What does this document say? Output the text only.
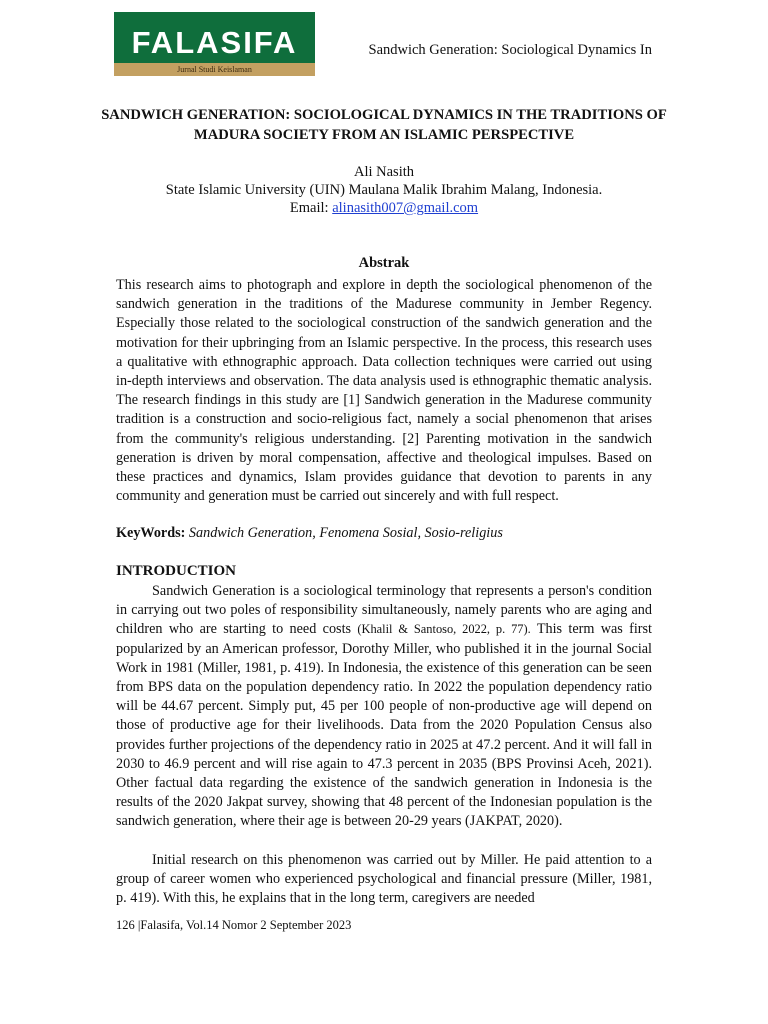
FALASIFA
Jurnal Studi Keislaman
Sandwich Generation: Sociological Dynamics In
SANDWICH GENERATION: SOCIOLOGICAL DYNAMICS IN THE TRADITIONS OF MADURA SOCIETY FROM AN ISLAMIC PERSPECTIVE
Ali Nasith
State Islamic University (UIN) Maulana Malik Ibrahim Malang, Indonesia.
Email: alinasith007@gmail.com
Abstrak

This research aims to photograph and explore in depth the sociological phenomenon of the sandwich generation in the traditions of the Madurese community in Jember Regency. Especially those related to the sociological construction of the sandwich generation and the motivation for their upbringing from an Islamic perspective. In the process, this research uses a qualitative with ethnographic approach. Data collection techniques were carried out using in-depth interviews and observation. The data analysis used is ethnographic thematic analysis. The research findings in this study are [1] Sandwich generation in the Madurese community tradition is a construction and socio-religious fact, namely a social phenomenon that arises from the community's religious understanding. [2] Parenting motivation in the sandwich generation is driven by moral compensation, affective and theological impulses. Based on these practices and dynamics, Islam provides guidance that devotion to parents in any community and generation must be carried out sincerely and with full respect.

KeyWords: Sandwich Generation, Fenomena Sosial, Sosio-religius
INTRODUCTION

Sandwich Generation is a sociological terminology that represents a person's condition in carrying out two poles of responsibility simultaneously, namely parents who are aging and children who are starting to need costs (Khalil & Santoso, 2022, p. 77). This term was first popularized by an American professor, Dorothy Miller, who published it in the journal Social Work in 1981 (Miller, 1981, p. 419). In Indonesia, the existence of this generation can be seen from BPS data on the population dependency ratio. In 2022 the population dependency ratio will be 44.67 percent. Simply put, 45 per 100 people of non-productive age will depend on those of productive age for their livelihoods. Data from the 2020 Population Census also provides further projections of the dependency ratio in 2025 at 47.2 percent. And it will fall in 2030 to 46.9 percent and will rise again to 47.3 percent in 2035 (BPS Provinsi Aceh, 2021). Other factual data regarding the existence of the sandwich generation in Indonesia is the results of the 2020 Jakpat survey, showing that 48 percent of the Indonesian population is the sandwich generation, where their age is between 20-29 years (JAKPAT, 2020).

Initial research on this phenomenon was carried out by Miller. He paid attention to a group of career women who experienced psychological and financial pressure (Miller, 1981, p. 419). With this, he explains that in the long term, caregivers are needed

126 |Falasifa, Vol.14 Nomor 2 September 2023
